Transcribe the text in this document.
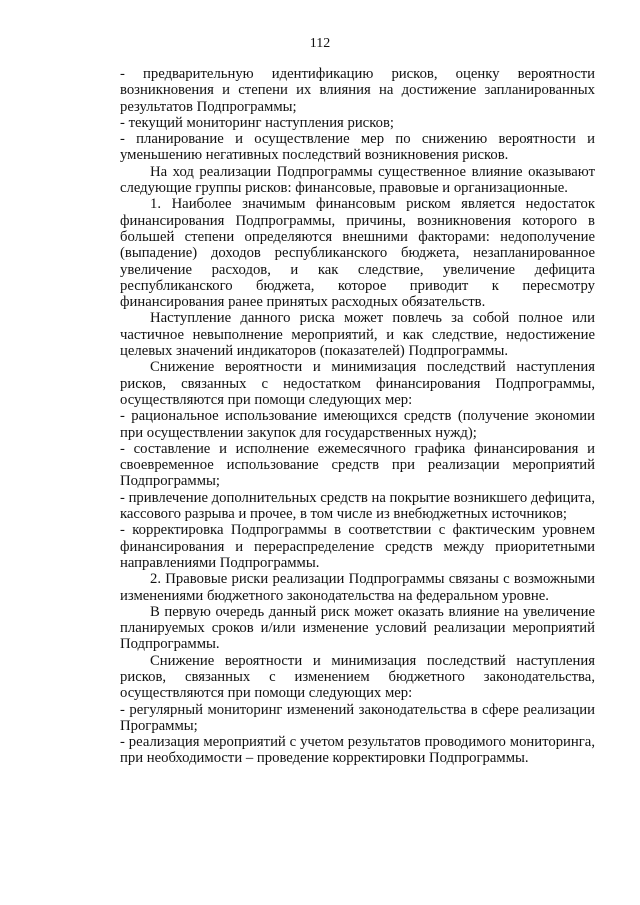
112

- предварительную идентификацию рисков, оценку вероятности возникновения и степени их влияния на достижение запланированных результатов Подпрограммы;

- текущий мониторинг наступления рисков;

- планирование и осуществление мер по снижению вероятности и уменьшению негативных последствий возникновения рисков.

На ход реализации Подпрограммы существенное влияние оказывают следующие группы рисков: финансовые, правовые и организационные.

1. Наиболее значимым финансовым риском является недостаток финансирования Подпрограммы, причины, возникновения которого в большей степени определяются внешними факторами: недополучение (выпадение) доходов республиканского бюджета, незапланированное увеличение расходов, и как следствие, увеличение дефицита республиканского бюджета, которое приводит к пересмотру финансирования ранее принятых расходных обязательств.

Наступление данного риска может повлечь за собой полное или частичное невыполнение мероприятий, и как следствие, недостижение целевых значений индикаторов (показателей) Подпрограммы.

Снижение вероятности и минимизация последствий наступления рисков, связанных с недостатком финансирования Подпрограммы, осуществляются при помощи следующих мер:

- рациональное использование имеющихся средств (получение экономии при осуществлении закупок для государственных нужд);

- составление и исполнение ежемесячного графика финансирования и своевременное использование средств при реализации мероприятий Подпрограммы;

- привлечение дополнительных средств на покрытие возникшего дефицита, кассового разрыва и прочее, в том числе из внебюджетных источников;

- корректировка Подпрограммы в соответствии с фактическим уровнем финансирования и перераспределение средств между приоритетными направлениями Подпрограммы.

2. Правовые риски реализации Подпрограммы связаны с возможными изменениями бюджетного законодательства на федеральном уровне.

В первую очередь данный риск может оказать влияние на увеличение планируемых сроков и/или изменение условий реализации мероприятий Подпрограммы.

Снижение вероятности и минимизация последствий наступления рисков, связанных с изменением бюджетного законодательства, осуществляются при помощи следующих мер:

- регулярный мониторинг изменений законодательства в сфере реализации Программы;

- реализация мероприятий с учетом результатов проводимого мониторинга, при необходимости – проведение корректировки Подпрограммы.
